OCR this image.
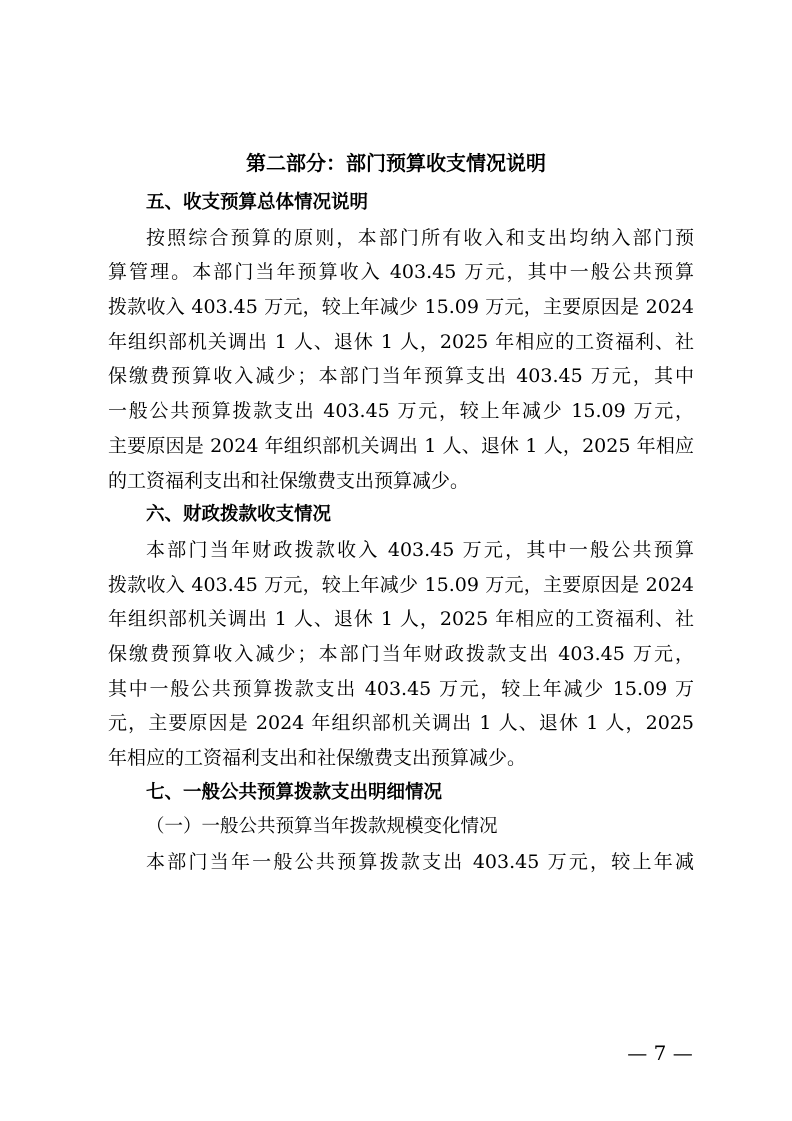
第二部分：部门预算收支情况说明
五、收支预算总体情况说明
按照综合预算的原则，本部门所有收入和支出均纳入部门预
算管理。本部门当年预算收入 403.45 万元，其中一般公共预算
拨款收入 403.45 万元，较上年减少 15.09 万元，主要原因是 2024
年组织部机关调出 1 人、退休 1 人，2025 年相应的工资福利、社
保缴费预算收入减少；本部门当年预算支出 403.45 万元，其中
一般公共预算拨款支出 403.45 万元，较上年减少 15.09 万元，
主要原因是 2024 年组织部机关调出 1 人、退休 1 人，2025 年相应
的工资福利支出和社保缴费支出预算减少。
六、财政拨款收支情况
本部门当年财政拨款收入 403.45 万元，其中一般公共预算
拨款收入 403.45 万元，较上年减少 15.09 万元，主要原因是 2024
年组织部机关调出 1 人、退休 1 人，2025 年相应的工资福利、社
保缴费预算收入减少；本部门当年财政拨款支出 403.45 万元，
其中一般公共预算拨款支出 403.45 万元，较上年减少 15.09 万
元，主要原因是 2024 年组织部机关调出 1 人、退休 1 人，2025
年相应的工资福利支出和社保缴费支出预算减少。
七、一般公共预算拨款支出明细情况
（一）一般公共预算当年拨款规模变化情况
本部门当年一般公共预算拨款支出 403.45 万元，较上年减
— 7 —
